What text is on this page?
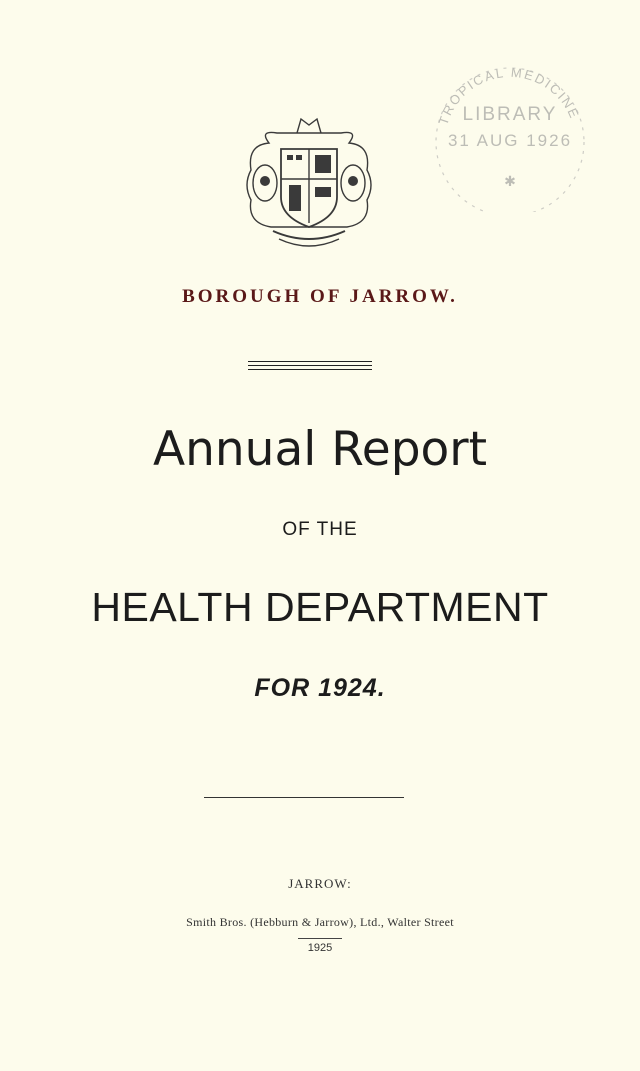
TROPICAL MEDICINE
LIBRARY
31 AUG 1926
✱
BOROUGH OF JARROW.
Annual Report
OF THE
HEALTH DEPARTMENT
FOR 1924.
JARROW:
Smith Bros. (Hebburn & Jarrow), Ltd., Walter Street
1925
